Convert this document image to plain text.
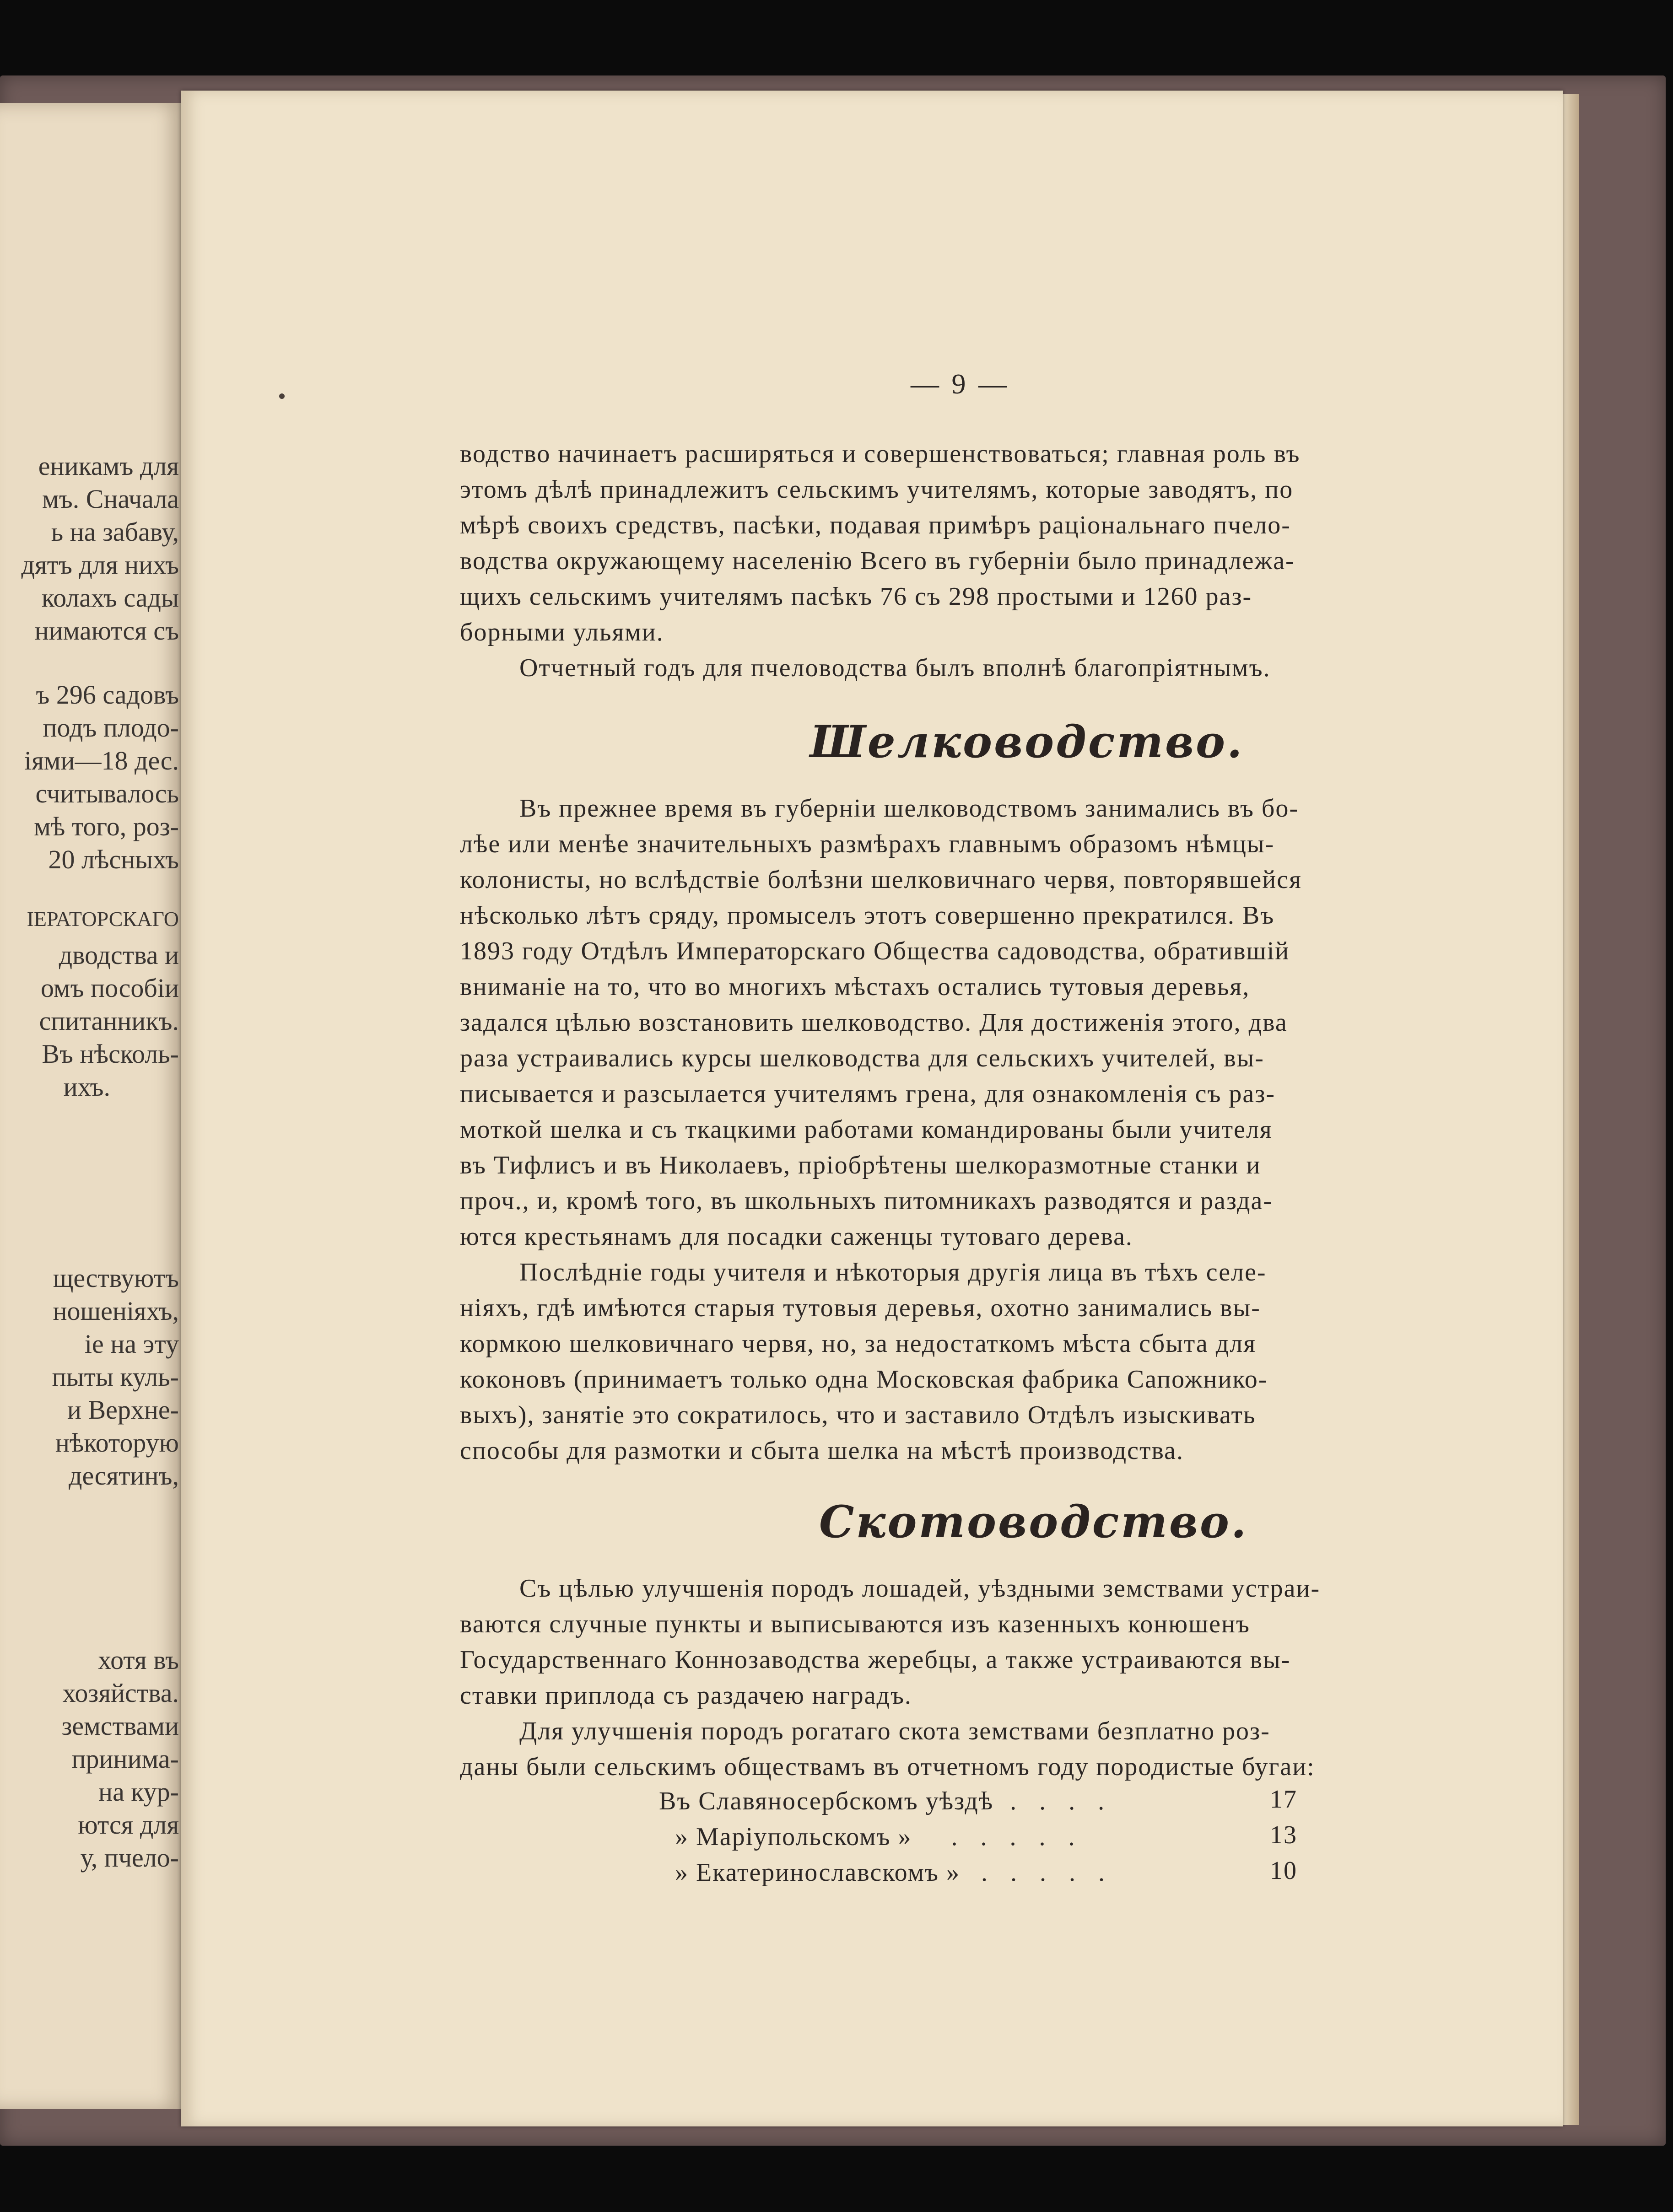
еникамъ для
мъ. Сначала
ь на забаву,
дятъ для нихъ
колахъ сады
нимаются съ
ъ 296 садовъ
подъ плодо-
іями—18 дес.
считывалось
мѣ того, роз-
20 лѣсныхъ
ІЕРАТОРСКАГО
дводства и
омъ пособіи
спитанникъ.
Въ нѣсколь-
ихъ.
ществуютъ
ношеніяхъ,
іе на эту
пыты куль-
и Верхне-
нѣкоторую
десятинъ,
хотя въ
хозяйства.
земствами
принима-
на кур-
ются для
у, пчело-
— 9 —
водство начинаетъ расширяться и совершенствоваться; главная роль въ
этомъ дѣлѣ принадлежитъ сельскимъ учителямъ, которые заводятъ, по
мѣрѣ своихъ средствъ, пасѣки, подавая примѣръ раціональнаго пчело-
водства окружающему населенію Всего въ губерніи было принадлежа-
щихъ сельскимъ учителямъ пасѣкъ 76 съ 298 простыми и 1260 раз-
борными ульями.
Отчетный годъ для пчеловодства былъ вполнѣ благопріятнымъ.
Шелководство.
Въ прежнее время въ губерніи шелководствомъ занимались въ бо-
лѣе или менѣе значительныхъ размѣрахъ главнымъ образомъ нѣмцы-
колонисты, но вслѣдствіе болѣзни шелковичнаго червя, повторявшейся
нѣсколько лѣтъ сряду, промыселъ этотъ совершенно прекратился. Въ
1893 году Отдѣлъ Императорскаго Общества садоводства, обратившій
вниманіе на то, что во многихъ мѣстахъ остались тутовыя деревья,
задался цѣлью возстановить шелководство. Для достиженія этого, два
раза устраивались курсы шелководства для сельскихъ учителей, вы-
писывается и разсылается учителямъ грена, для ознакомленія съ раз-
моткой шелка и съ ткацкими работами командированы были учителя
въ Тифлисъ и въ Николаевъ, пріобрѣтены шелкоразмотные станки и
проч., и, кромѣ того, въ школьныхъ питомникахъ разводятся и разда-
ются крестьянамъ для посадки саженцы тутоваго дерева.
Послѣдніе годы учителя и нѣкоторыя другія лица въ тѣхъ селе-
ніяхъ, гдѣ имѣются старыя тутовыя деревья, охотно занимались вы-
кормкою шелковичнаго червя, но, за недостаткомъ мѣста сбыта для
коконовъ (принимаетъ только одна Московская фабрика Сапожнико-
выхъ), занятіе это сократилось, что и заставило Отдѣлъ изыскивать
способы для размотки и сбыта шелка на мѣстѣ производства.
Скотоводство.
Съ цѣлью улучшенія породъ лошадей, уѣздными земствами устраи-
ваются случные пункты и выписываются изъ казенныхъ конюшенъ
Государственнаго Коннозаводства жеребцы, а также устраиваются вы-
ставки приплода съ раздачею наградъ.
Для улучшенія породъ рогатаго скота земствами безплатно роз-
даны были сельскимъ обществамъ въ отчетномъ году породистые бугаи:
Въ Славяносербскомъ уѣздѣ . . . .	17
» Маріупольскомъ » . . . . .	13
» Екатеринославскомъ » . . . . .	10
